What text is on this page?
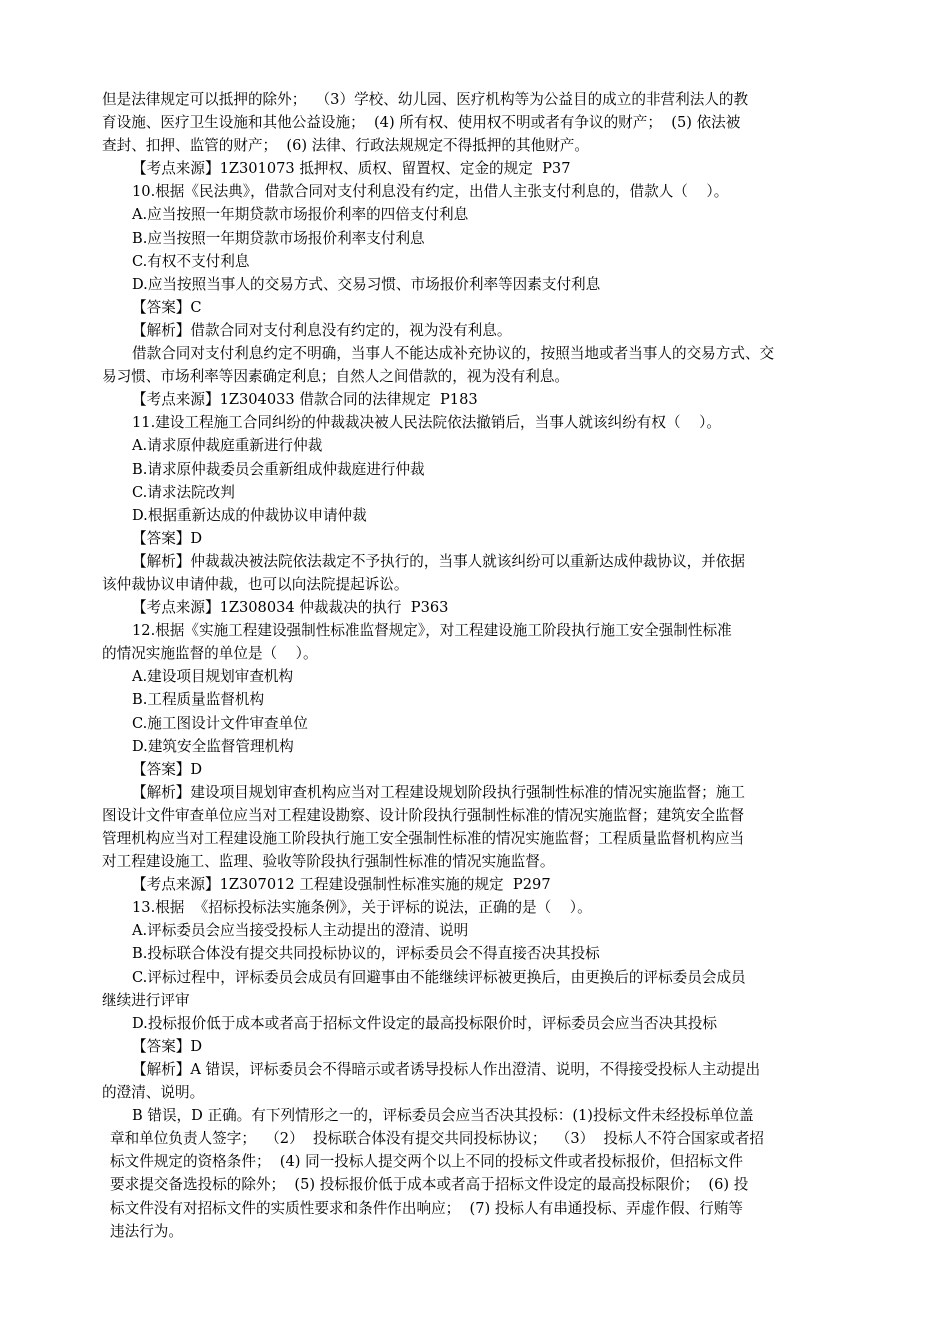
但是法律规定可以抵押的除外；  （3）学校、幼儿园、医疗机构等为公益目的成立的非营利法人的教
育设施、医疗卫生设施和其他公益设施；  (4) 所有权、使用权不明或者有争议的财产；  (5) 依法被
查封、扣押、监管的财产；  (6) 法律、行政法规规定不得抵押的其他财产。
【考点来源】1Z301073 抵押权、质权、留置权、定金的规定  P37
10.根据《民法典》，借款合同对支付利息没有约定，出借人主张支付利息的，借款人（    ）。
A.应当按照一年期贷款市场报价利率的四倍支付利息
B.应当按照一年期贷款市场报价利率支付利息
C.有权不支付利息
D.应当按照当事人的交易方式、交易习惯、市场报价利率等因素支付利息
【答案】C
【解析】借款合同对支付利息没有约定的，视为没有利息。
借款合同对支付利息约定不明确，当事人不能达成补充协议的，按照当地或者当事人的交易方式、交
易习惯、市场利率等因素确定利息；自然人之间借款的，视为没有利息。
【考点来源】1Z304033 借款合同的法律规定  P183
11.建设工程施工合同纠纷的仲裁裁决被人民法院依法撤销后，当事人就该纠纷有权（    ）。
A.请求原仲裁庭重新进行仲裁
B.请求原仲裁委员会重新组成仲裁庭进行仲裁
C.请求法院改判
D.根据重新达成的仲裁协议申请仲裁
【答案】D
【解析】仲裁裁决被法院依法裁定不予执行的，当事人就该纠纷可以重新达成仲裁协议，并依据
该仲裁协议申请仲裁，也可以向法院提起诉讼。
【考点来源】1Z308034 仲裁裁决的执行  P363
12.根据《实施工程建设强制性标准监督规定》，对工程建设施工阶段执行施工安全强制性标准
的情况实施监督的单位是（    ）。
A.建设项目规划审查机构
B.工程质量监督机构
C.施工图设计文件审查单位
D.建筑安全监督管理机构
【答案】D
【解析】建设项目规划审查机构应当对工程建设规划阶段执行强制性标准的情况实施监督；施工
图设计文件审查单位应当对工程建设勘察、设计阶段执行强制性标准的情况实施监督；建筑安全监督
管理机构应当对工程建设施工阶段执行施工安全强制性标准的情况实施监督；工程质量监督机构应当
对工程建设施工、监理、验收等阶段执行强制性标准的情况实施监督。
【考点来源】1Z307012 工程建设强制性标准实施的规定  P297
13.根据  《招标投标法实施条例》，关于评标的说法，正确的是（    ）。
A.评标委员会应当接受投标人主动提出的澄清、说明
B.投标联合体没有提交共同投标协议的，评标委员会不得直接否决其投标
C.评标过程中，评标委员会成员有回避事由不能继续评标被更换后，由更换后的评标委员会成员
继续进行评审
D.投标报价低于成本或者高于招标文件设定的最高投标限价时，评标委员会应当否决其投标
【答案】D
【解析】A 错误，评标委员会不得暗示或者诱导投标人作出澄清、说明，不得接受投标人主动提出
的澄清、说明。
B 错误，D 正确。有下列情形之一的，评标委员会应当否决其投标：(1)投标文件未经投标单位盖
章和单位负责人签字；  （2）  投标联合体没有提交共同投标协议；  （3）  投标人不符合国家或者招
标文件规定的资格条件；  (4) 同一投标人提交两个以上不同的投标文件或者投标报价，但招标文件
要求提交备选投标的除外；  (5) 投标报价低于成本或者高于招标文件设定的最高投标限价；  (6) 投
标文件没有对招标文件的实质性要求和条件作出响应；  (7) 投标人有串通投标、弄虚作假、行贿等
违法行为。
